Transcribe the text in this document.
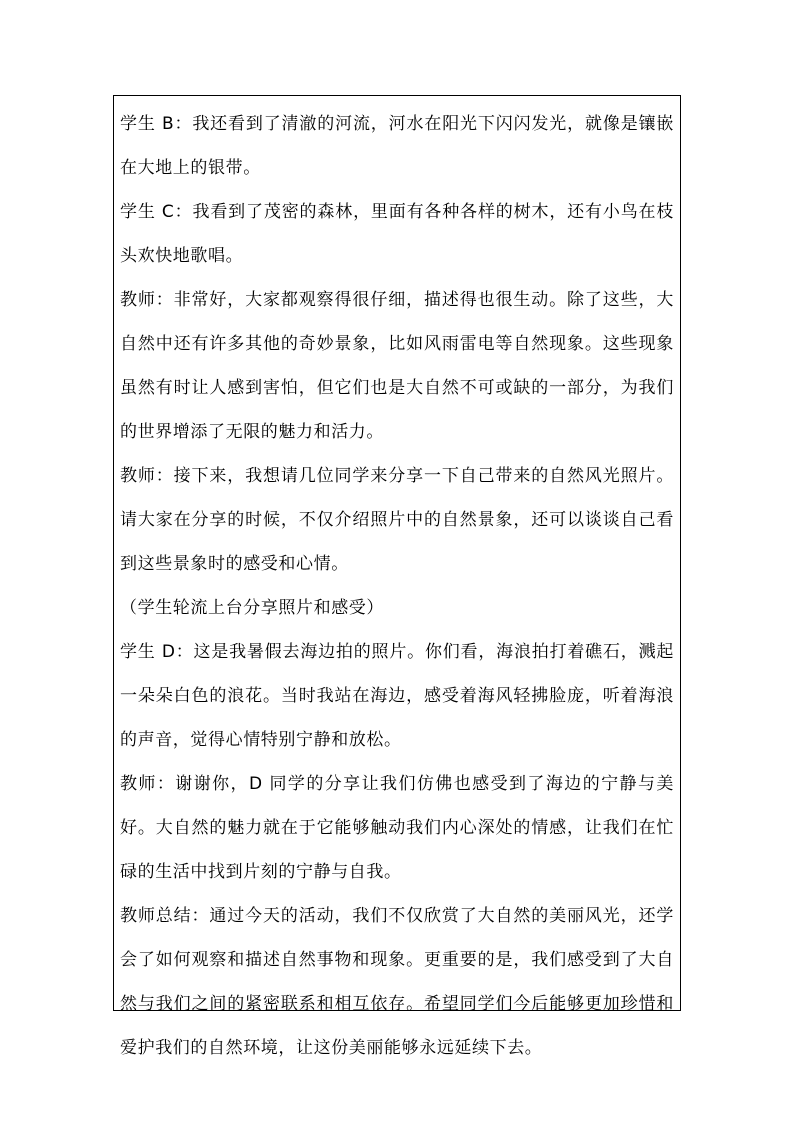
学生 B：我还看到了清澈的河流，河水在阳光下闪闪发光，就像是镶嵌在大地上的银带。

学生 C：我看到了茂密的森林，里面有各种各样的树木，还有小鸟在枝头欢快地歌唱。

教师：非常好，大家都观察得很仔细，描述得也很生动。除了这些，大自然中还有许多其他的奇妙景象，比如风雨雷电等自然现象。这些现象虽然有时让人感到害怕，但它们也是大自然不可或缺的一部分，为我们的世界增添了无限的魅力和活力。

教师：接下来，我想请几位同学来分享一下自己带来的自然风光照片。请大家在分享的时候，不仅介绍照片中的自然景象，还可以谈谈自己看到这些景象时的感受和心情。

（学生轮流上台分享照片和感受）

学生 D：这是我暑假去海边拍的照片。你们看，海浪拍打着礁石，溅起一朵朵白色的浪花。当时我站在海边，感受着海风轻拂脸庞，听着海浪的声音，觉得心情特别宁静和放松。

教师：谢谢你，D 同学的分享让我们仿佛也感受到了海边的宁静与美好。大自然的魅力就在于它能够触动我们内心深处的情感，让我们在忙碌的生活中找到片刻的宁静与自我。

教师总结：通过今天的活动，我们不仅欣赏了大自然的美丽风光，还学会了如何观察和描述自然事物和现象。更重要的是，我们感受到了大自然与我们之间的紧密联系和相互依存。希望同学们今后能够更加珍惜和爱护我们的自然环境，让这份美丽能够永远延续下去。
